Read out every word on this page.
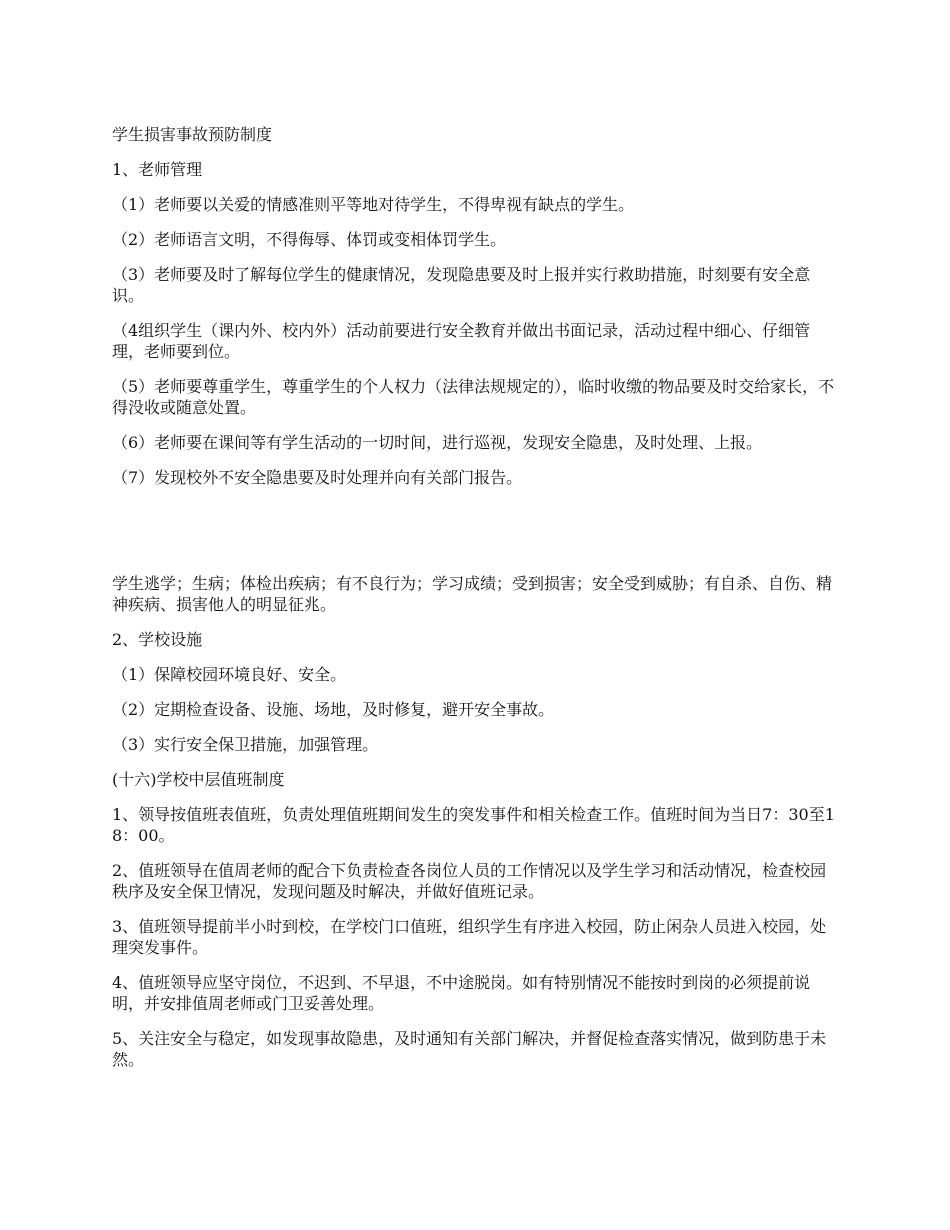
学生损害事故预防制度

1、老师管理

（1）老师要以关爱的情感准则平等地对待学生，不得卑视有缺点的学生。

（2）老师语言文明，不得侮辱、体罚或变相体罚学生。

（3）老师要及时了解每位学生的健康情况，发现隐患要及时上报并实行救助措施，时刻要有安全意识。

（4组织学生（课内外、校内外）活动前要进行安全教育并做出书面记录，活动过程中细心、仔细管理，老师要到位。

（5）老师要尊重学生，尊重学生的个人权力（法律法规规定的），临时收缴的物品要及时交给家长，不得没收或随意处置。

（6）老师要在课间等有学生活动的一切时间，进行巡视，发现安全隐患，及时处理、上报。

（7）发现校外不安全隐患要及时处理并向有关部门报告。

学生逃学；生病；体检出疾病；有不良行为；学习成绩；受到损害；安全受到威胁；有自杀、自伤、精神疾病、损害他人的明显征兆。

2、学校设施

（1）保障校园环境良好、安全。

（2）定期检查设备、设施、场地，及时修复，避开安全事故。

（3）实行安全保卫措施，加强管理。

(十六)学校中层值班制度

1、领导按值班表值班，负责处理值班期间发生的突发事件和相关检查工作。值班时间为当日7：30至18：00。

2、值班领导在值周老师的配合下负责检查各岗位人员的工作情况以及学生学习和活动情况，检查校园秩序及安全保卫情况，发现问题及时解决，并做好值班记录。

3、值班领导提前半小时到校，在学校门口值班，组织学生有序进入校园，防止闲杂人员进入校园，处理突发事件。

4、值班领导应坚守岗位，不迟到、不早退，不中途脱岗。如有特别情况不能按时到岗的必须提前说明，并安排值周老师或门卫妥善处理。

5、关注安全与稳定，如发现事故隐患，及时通知有关部门解决，并督促检查落实情况，做到防患于未然。
